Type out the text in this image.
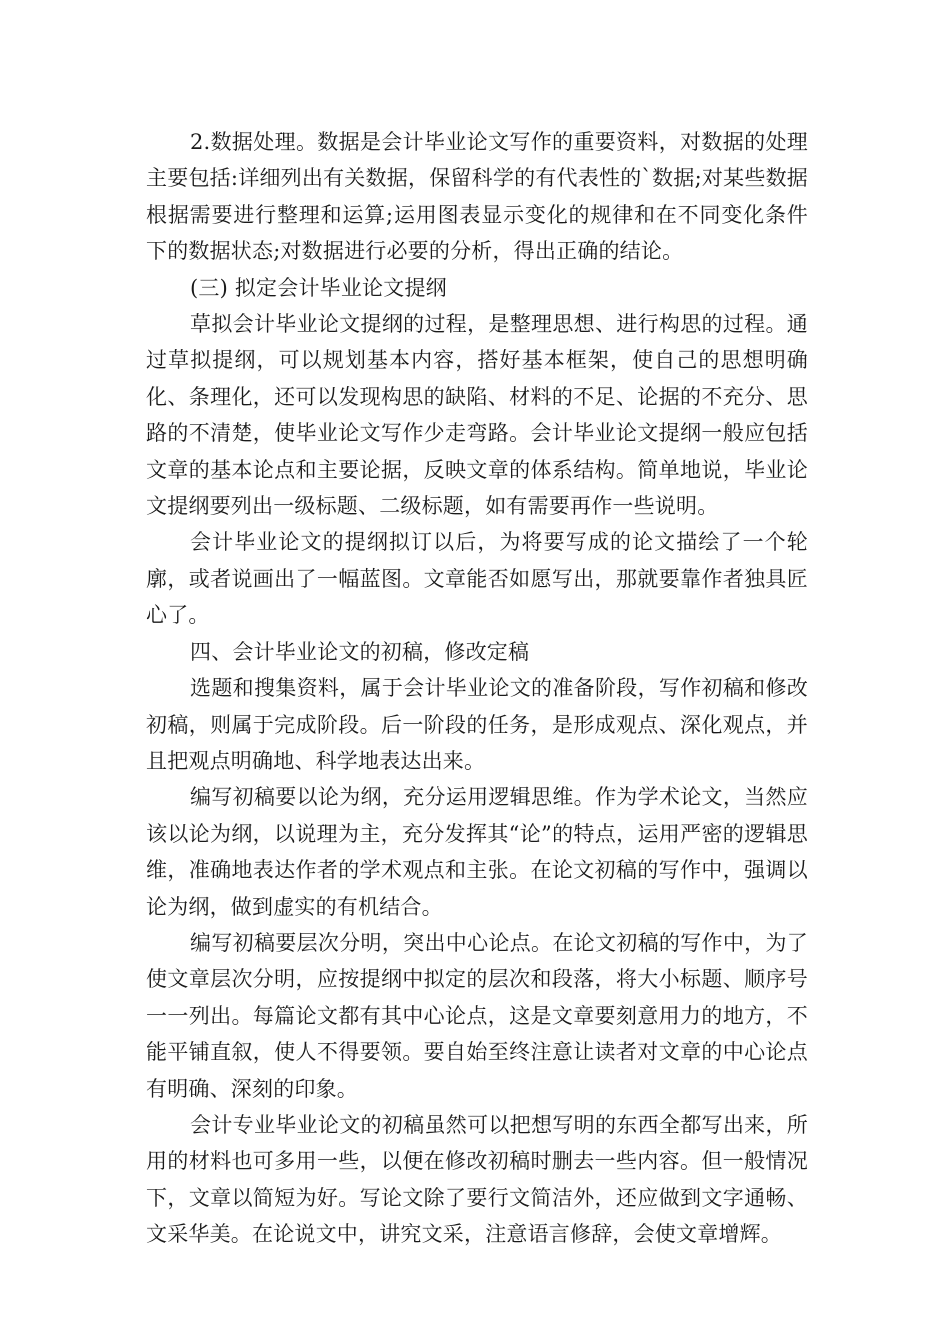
2.数据处理。数据是会计毕业论文写作的重要资料，对数据的处理主要包括:详细列出有关数据，保留科学的有代表性的`数据;对某些数据根据需要进行整理和运算;运用图表显示变化的规律和在不同变化条件下的数据状态;对数据进行必要的分析，得出正确的结论。

(三) 拟定会计毕业论文提纲

草拟会计毕业论文提纲的过程，是整理思想、进行构思的过程。通过草拟提纲，可以规划基本内容，搭好基本框架，使自己的思想明确化、条理化，还可以发现构思的缺陷、材料的不足、论据的不充分、思路的不清楚，使毕业论文写作少走弯路。会计毕业论文提纲一般应包括文章的基本论点和主要论据，反映文章的体系结构。简单地说，毕业论文提纲要列出一级标题、二级标题，如有需要再作一些说明。

会计毕业论文的提纲拟订以后，为将要写成的论文描绘了一个轮廓，或者说画出了一幅蓝图。文章能否如愿写出，那就要靠作者独具匠心了。

四、会计毕业论文的初稿，修改定稿

选题和搜集资料，属于会计毕业论文的准备阶段，写作初稿和修改初稿，则属于完成阶段。后一阶段的任务，是形成观点、深化观点，并且把观点明确地、科学地表达出来。

编写初稿要以论为纲，充分运用逻辑思维。作为学术论文，当然应该以论为纲，以说理为主，充分发挥其“论”的特点，运用严密的逻辑思维，准确地表达作者的学术观点和主张。在论文初稿的写作中，强调以论为纲，做到虚实的有机结合。

编写初稿要层次分明，突出中心论点。在论文初稿的写作中，为了使文章层次分明，应按提纲中拟定的层次和段落，将大小标题、顺序号一一列出。每篇论文都有其中心论点，这是文章要刻意用力的地方，不能平铺直叙，使人不得要领。要自始至终注意让读者对文章的中心论点有明确、深刻的印象。

会计专业毕业论文的初稿虽然可以把想写明的东西全都写出来，所用的材料也可多用一些，以便在修改初稿时删去一些内容。但一般情况下，文章以简短为好。写论文除了要行文简洁外，还应做到文字通畅、文采华美。在论说文中，讲究文采，注意语言修辞，会使文章增辉。
